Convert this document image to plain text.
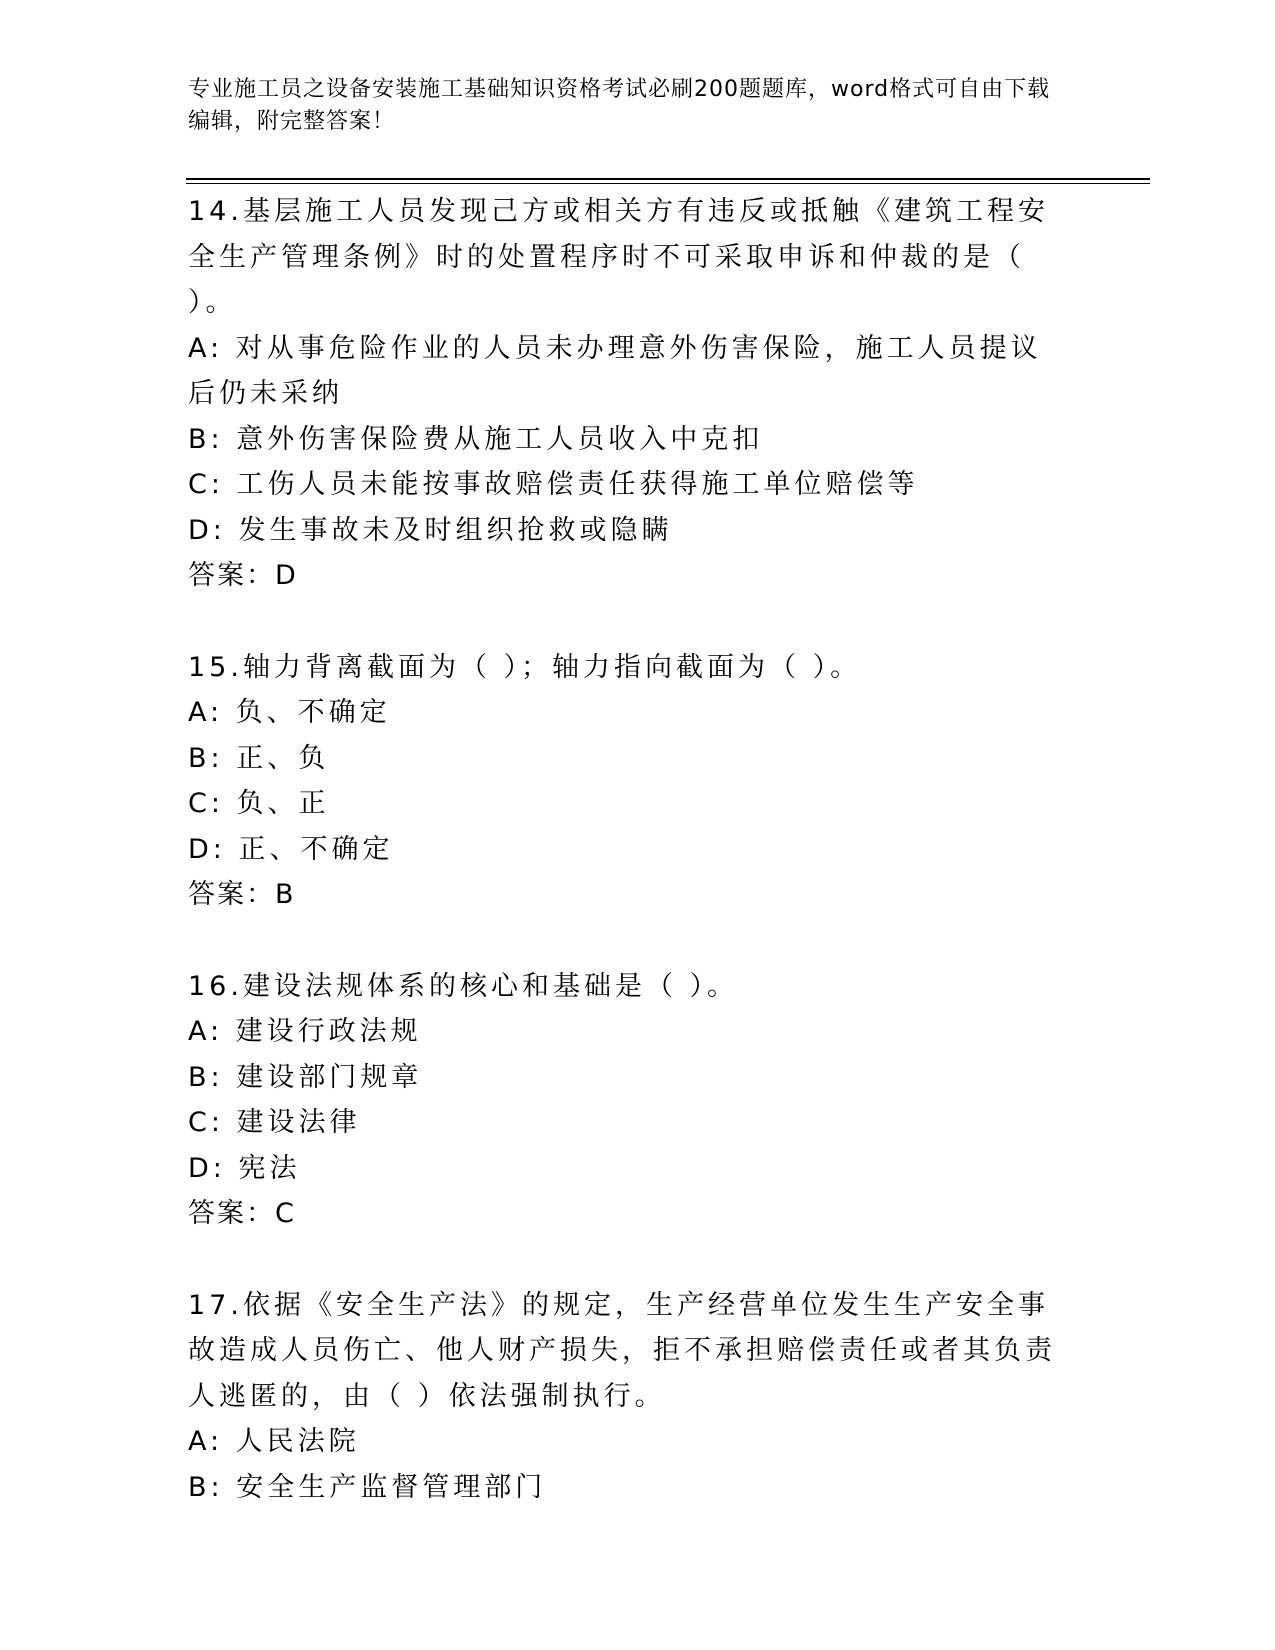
专业施工员之设备安装施工基础知识资格考试必刷200题题库，word格式可自由下载编辑，附完整答案！
14.基层施工人员发现己方或相关方有违反或抵触《建筑工程安全生产管理条例》时的处置程序时不可采取申诉和仲裁的是（ ）。
A: 对从事危险作业的人员未办理意外伤害保险，施工人员提议后仍未采纳
B: 意外伤害保险费从施工人员收入中克扣
C: 工伤人员未能按事故赔偿责任获得施工单位赔偿等
D: 发生事故未及时组织抢救或隐瞒
答案：D
15.轴力背离截面为（ ）；轴力指向截面为（ ）。
A: 负、不确定
B: 正、负
C: 负、正
D: 正、不确定
答案：B
16.建设法规体系的核心和基础是（ ）。
A: 建设行政法规
B: 建设部门规章
C: 建设法律
D: 宪法
答案：C
17.依据《安全生产法》的规定，生产经营单位发生生产安全事故造成人员伤亡、他人财产损失，拒不承担赔偿责任或者其负责人逃匿的，由（ ）依法强制执行。
A: 人民法院
B: 安全生产监督管理部门
